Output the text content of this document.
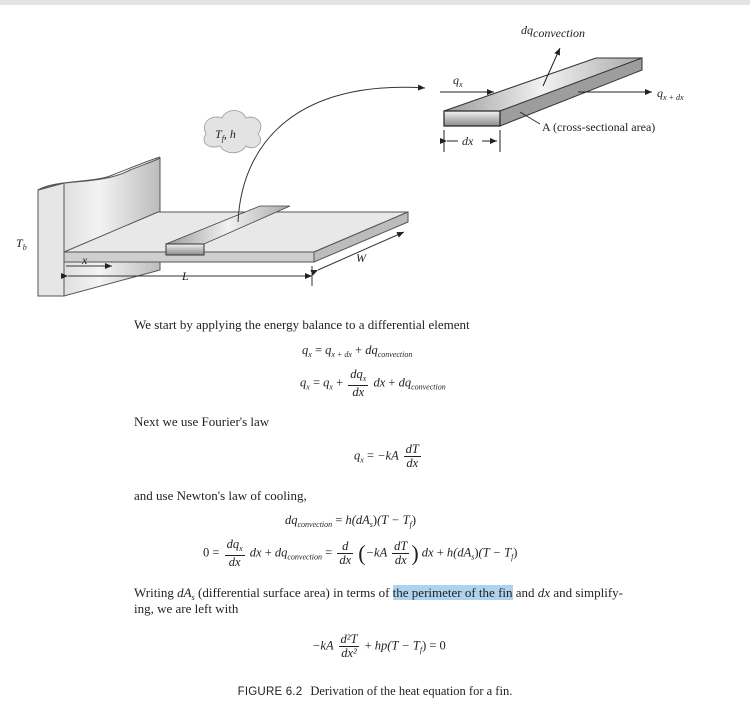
dqconvection
$q_x$
$q_{x + dx}$
A (cross-sectional area)
dx
$T_f$, h
$T_b$
x
L
W
We start by applying the energy balance to a differential element
$q_x = q_{x + dx} + dq_{convection}$
$q_x = q_x + \frac{dq_x}{dx}$ dx + $dq_{convection}$
Next we use Fourier's law
$q_x = -kA \frac{dT}{dx}$
and use Newton's law of cooling,
$dq_{convection} = h(dA_s)(T - T_f)$
$0 = \frac{dq_x}{dx}$ dx + $dq_{convection} = \frac{d}{dx} (-kA \frac{dT}{dx}$ ) dx + $h(dA_s)(T - T_f)$
Writing $dA_s$ (differential surface area) in terms of the perimeter of the fin and dx and simplify-
ing, we are left with
$-kA \frac{\text{d²T}}{\text{dx²}} + hp(T - T_f) = 0$
FIGURE 6.2 Derivation of the heat equation for a fin.
